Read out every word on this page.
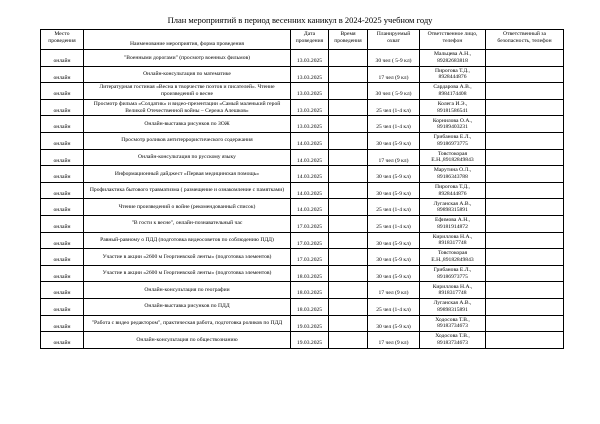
План мероприятий в период весенних каникул в 2024-2025 учебном году
Место проведения	Наименование мероприятия, форма проведения	Дата проведения	Время проведения	Планируемый охват	Ответственное лицо, телефон	Ответственный за безопасность, телефон
онлайн	"Военными дорогами" (просмотр военных фильмов)	13.03.2025		30 чел ( 5-9 кл)	Мальцева А.Н., 89282683818	
онлайн	Онлайн-консультация по математике	13.03.2025		17 чел (9 кл)	Пирогова Т.Д., 8928444876	
онлайн	Литературная гостиная «Весна в творчестве поэтов и писателей». Чтение произведений о весне	13.03.2025		30 чел ( 5-9 кл)	Сардарова А.В., 8984174408	
онлайн	Просмотр фильма «Солдатик» и видео-презентации «Самый маленький герой Великой Отечественной войны – Сережа Алешков»	13.03.2025		25 чел (1-4 кл)	Колега И.Э., 89181586541	
онлайн	Онлайн-выставка рисунков по ЗОЖ	13.03.2025		25 чел (1-4 кл)	Корнилова О.А., 89189403231	
онлайн	Просмотр роликов антитеррористического содержания	14.03.2025		30 чел (5-9 кл)	Грибанова Е.Л., 89186973775	
онлайн	Онлайн-консультация по русскому языку	14.03.2025		17 чел (9 кл)	Товстокорая Е.Н.,89182849843	
онлайн	Информационный дайджест «Первая медицинская помощь»	14.03.2025		30 чел (5-9 кл)	Марутина О.Л., 89186343788	
онлайн	Профилактика бытового травматизма ( размещение и ознакомление с памятками)	14.03.2025		30 чел (5-9 кл)	Пирогова Т.Д., 8928444876	
онлайн	Чтение произведений о войне (рекомендованный список)	14.03.2025		25 чел (1-4 кл)	Луганская А.В., 89898315891	
онлайн	"В гости к весне", онлайн-познавательный час	17.03.2025		25 чел (1-4 кл)	Ефимова А.Н., 89181914872	
онлайн	Равный-равному о ПДД (подготовка видеосоветов по соблюдению ПДД)	17.03.2025		30 чел (5-9 кл)	Кириллова Н.А., 8918317748	
онлайн	Участие в акции «2600 м Георгиевской ленты» (подготовка элементов)	17.03.2025		30 чел (5-9 кл)	Товстокорая Е.Н.,89182849843	
онлайн	Участие в акции «2600 м Георгиевской ленты» (подготовка элементов)	18.03.2025		30 чел (5-9 кл)	Грибанова Е.Л., 89186973775	
онлайн	Онлайн-консультация по географии	18.03.2025		17 чел (9 кл)	Кириллова Н.А., 8918317748	
онлайн	Онлайн-выставка рисунков по ПДД	18.03.2025		25 чел (1-4 кл)	Луганская А.В., 89898315891	
онлайн	"Работа с видео редактором", практическая работа, подготовка роликов по ПДД	19.03.2025		30 чел (5-9 кл)	Ходосова Т.В., 89183734673	
онлайн	Онлайн-консультация по обществознанию	19.03.2025		17 чел (9 кл)	Ходосова Т.В., 89183734673	
